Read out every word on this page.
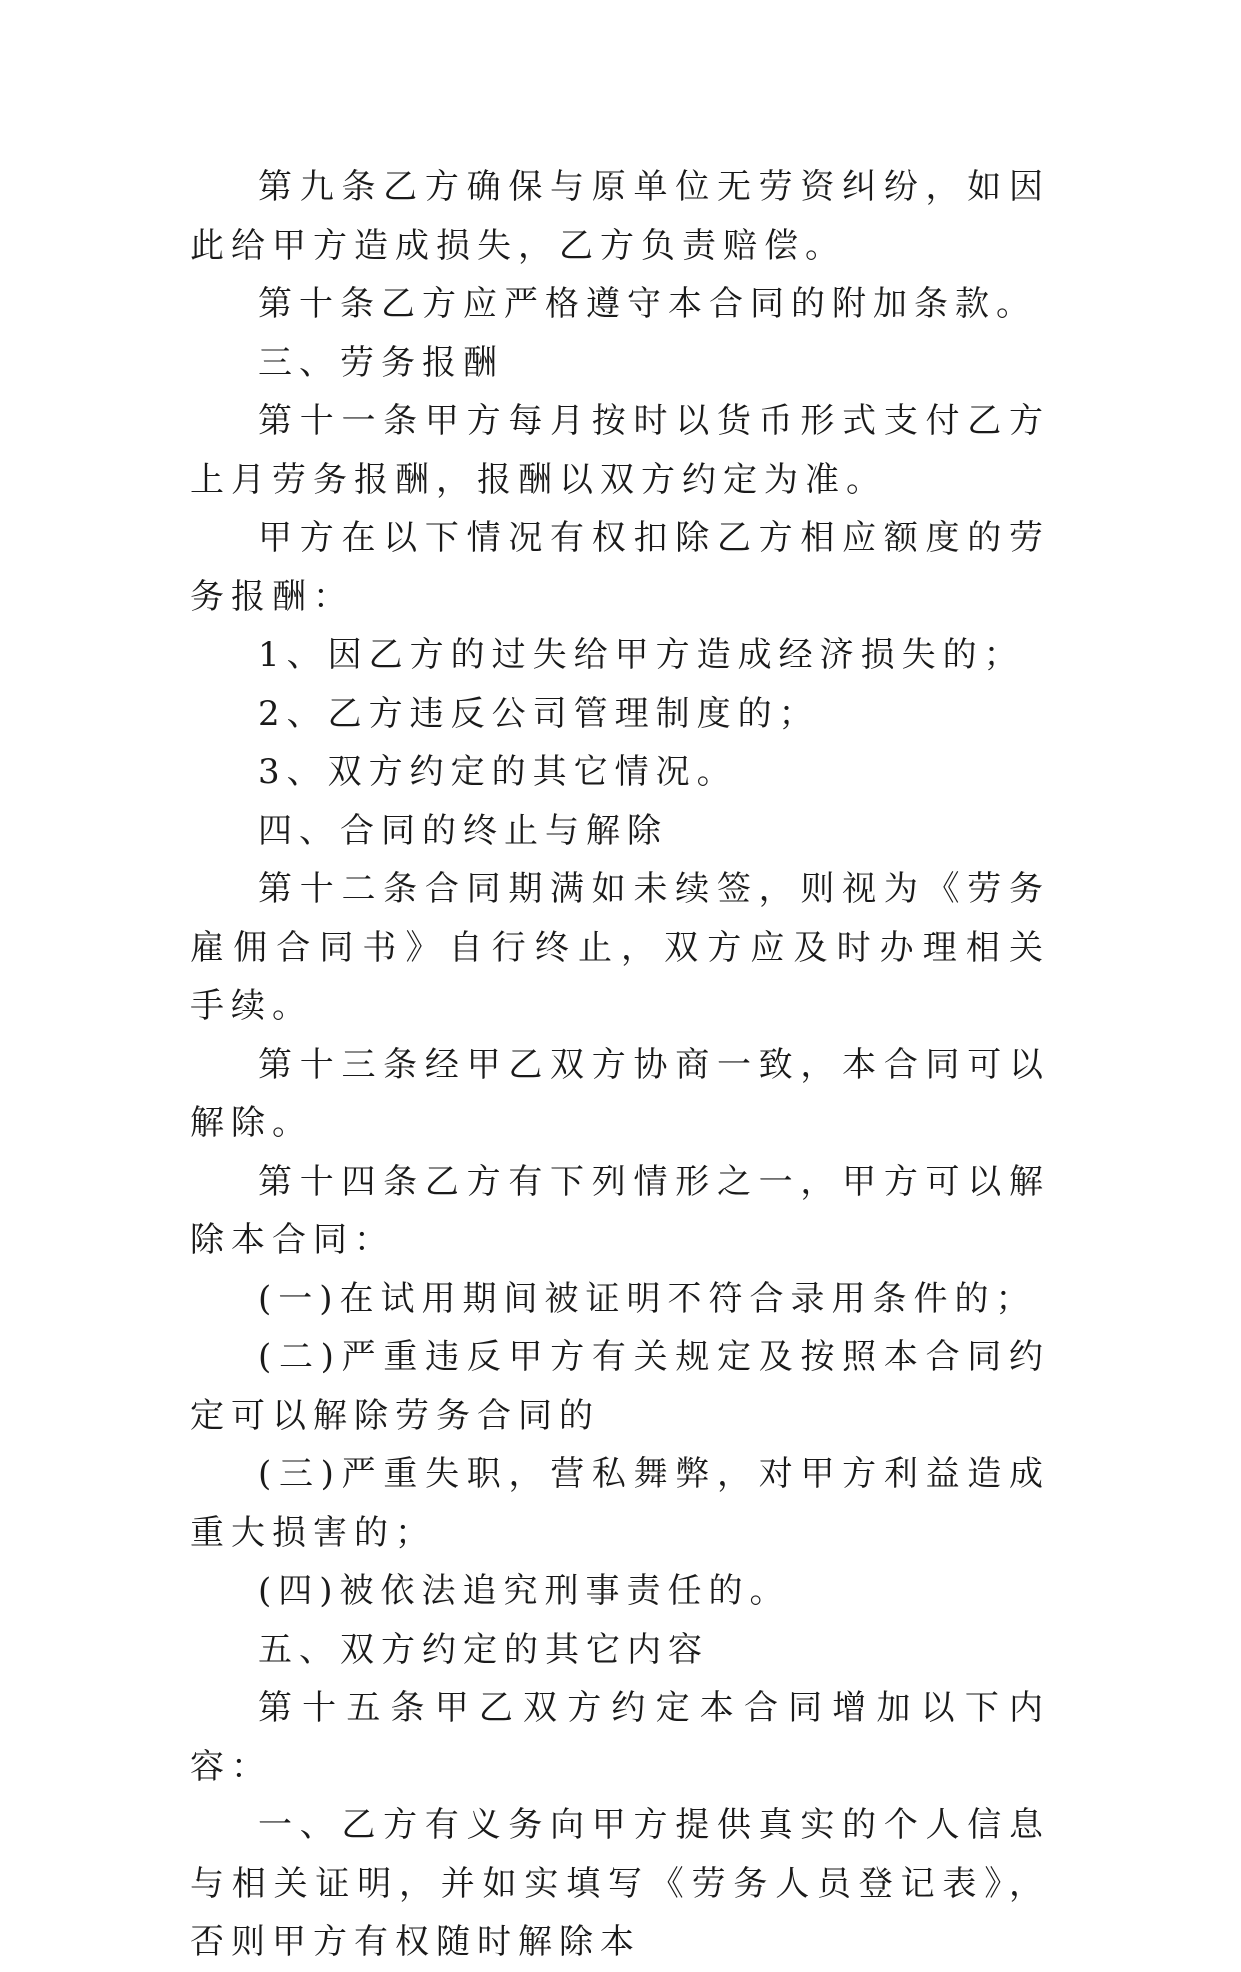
第九条乙方确保与原单位无劳资纠纷，如因此给甲方造成损失，乙方负责赔偿。

第十条乙方应严格遵守本合同的附加条款。

三、劳务报酬

第十一条甲方每月按时以货币形式支付乙方上月劳务报酬，报酬以双方约定为准。

甲方在以下情况有权扣除乙方相应额度的劳务报酬：

1、因乙方的过失给甲方造成经济损失的；

2、乙方违反公司管理制度的；

3、双方约定的其它情况。

四、合同的终止与解除

第十二条合同期满如未续签，则视为《劳务雇佣合同书》自行终止，双方应及时办理相关手续。

第十三条经甲乙双方协商一致，本合同可以解除。

第十四条乙方有下列情形之一，甲方可以解除本合同：

(一)在试用期间被证明不符合录用条件的；

(二)严重违反甲方有关规定及按照本合同约定可以解除劳务合同的

(三)严重失职，营私舞弊，对甲方利益造成重大损害的；

(四)被依法追究刑事责任的。

五、双方约定的其它内容

第十五条甲乙双方约定本合同增加以下内容：

一、乙方有义务向甲方提供真实的个人信息与相关证明，并如实填写《劳务人员登记表》，否则甲方有权随时解除本
